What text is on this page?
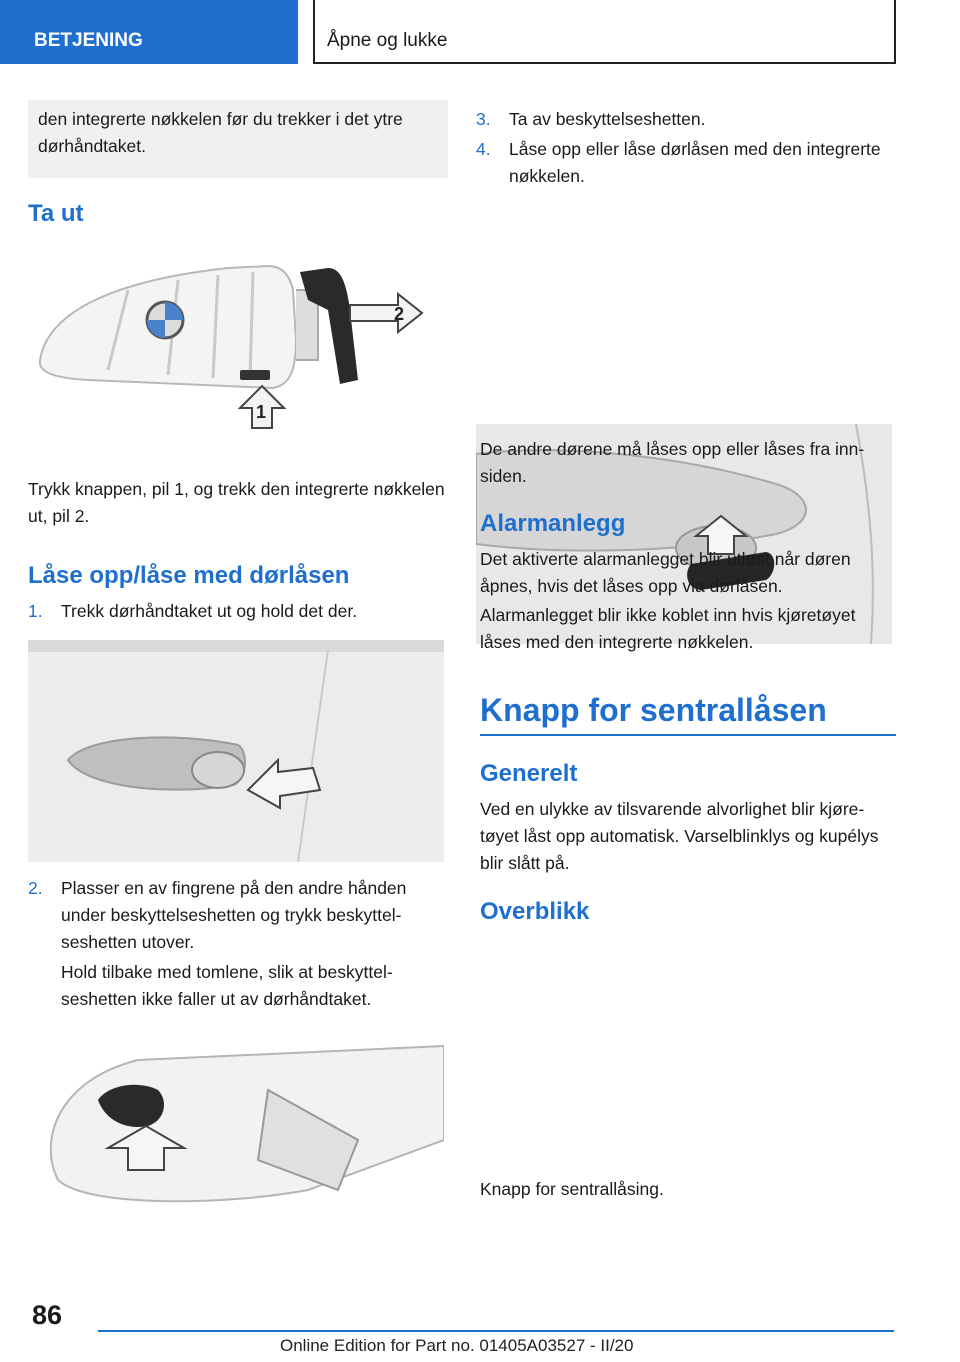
BETJENING	Åpne og lukke
den integrerte nøkkelen før du trekker i det ytre dørhåndtaket.
Ta ut
2
1

Trykk knappen, pil 1, og trekk den integrerte nøkkelen ut, pil 2.

Låse opp/låse med dørlåsen
1.	Trekk dørhåndtaket ut og hold det der.
2.	Plasser en av fingrene på den andre hånden under beskyttelseshetten og trykk beskyttelseshetten utover.

Hold tilbake med tomlene, slik at beskyttelseshetten ikke faller ut av dørhåndtaket.

3.	Ta av beskyttelseshetten.
4.	Låse opp eller låse dørlåsen med den integrerte nøkkelen.

De andre dørene må låses opp eller låses fra innsiden.

Alarmanlegg

Det aktiverte alarmanlegget blir utløst når døren åpnes, hvis det låses opp via dørlåsen.

Alarmanlegget blir ikke koblet inn hvis kjøretøyet låses med den integrerte nøkkelen.

Knapp for sentrallåsen
Generelt

Ved en ulykke av tilsvarende alvorlighet blir kjøretøyet låst opp automatisk. Varselblinklys og kupélys blir slått på.

Overblikk

Knapp for sentrallåsing.

86
Online Edition for Part no. 01405A03527 - II/20
